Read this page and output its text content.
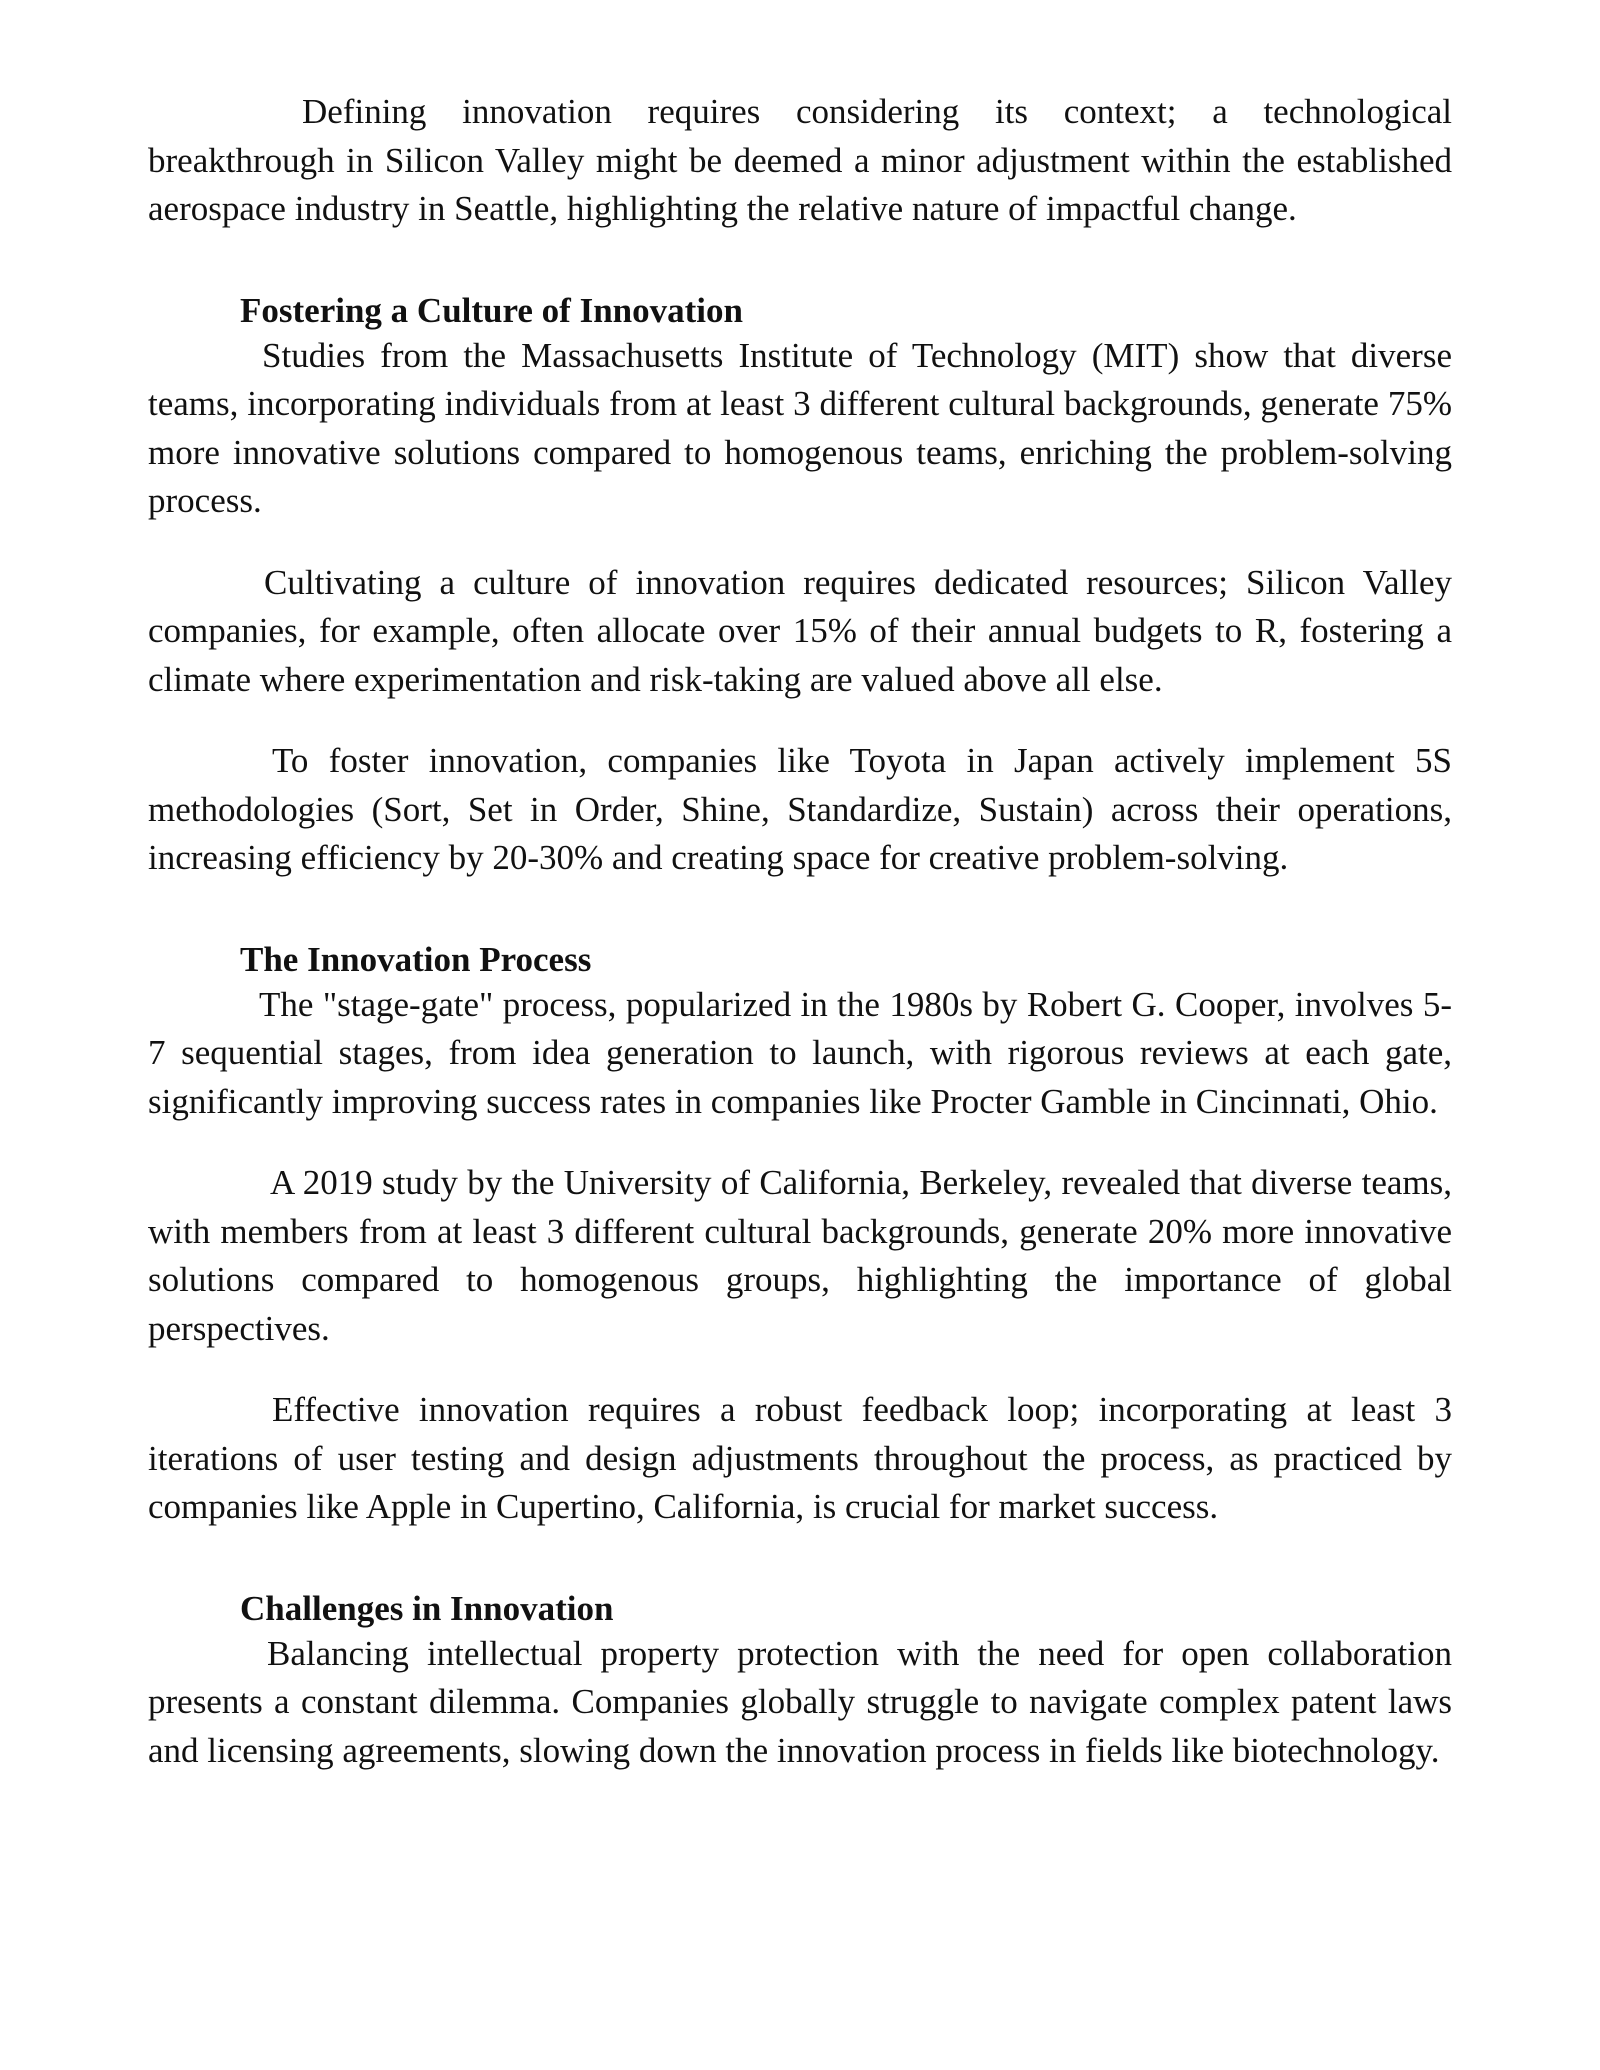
Defining innovation requires considering its context; a technological breakthrough in Silicon Valley might be deemed a minor adjustment within the established aerospace industry in Seattle, highlighting the relative nature of impactful change.

Fostering a Culture of Innovation

Studies from the Massachusetts Institute of Technology (MIT) show that diverse teams, incorporating individuals from at least 3 different cultural backgrounds, generate 75% more innovative solutions compared to homogenous teams, enriching the problem-solving process.

Cultivating a culture of innovation requires dedicated resources; Silicon Valley companies, for example, often allocate over 15% of their annual budgets to R, fostering a climate where experimentation and risk-taking are valued above all else.

To foster innovation, companies like Toyota in Japan actively implement 5S methodologies (Sort, Set in Order, Shine, Standardize, Sustain) across their operations, increasing efficiency by 20-30% and creating space for creative problem-solving.

The Innovation Process

The "stage-gate" process, popularized in the 1980s by Robert G. Cooper, involves 5-7 sequential stages, from idea generation to launch, with rigorous reviews at each gate, significantly improving success rates in companies like Procter Gamble in Cincinnati, Ohio.

A 2019 study by the University of California, Berkeley, revealed that diverse teams, with members from at least 3 different cultural backgrounds, generate 20% more innovative solutions compared to homogenous groups, highlighting the importance of global perspectives.

Effective innovation requires a robust feedback loop; incorporating at least 3 iterations of user testing and design adjustments throughout the process, as practiced by companies like Apple in Cupertino, California, is crucial for market success.

Challenges in Innovation

Balancing intellectual property protection with the need for open collaboration presents a constant dilemma. Companies globally struggle to navigate complex patent laws and licensing agreements, slowing down the innovation process in fields like biotechnology.
